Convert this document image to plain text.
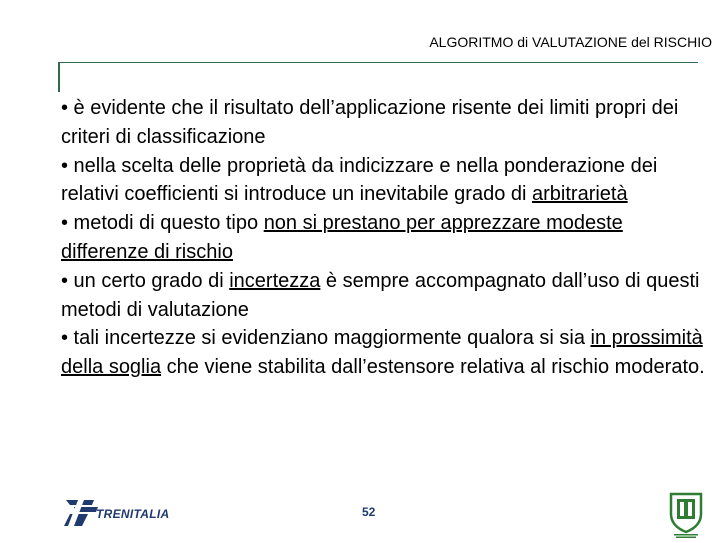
ALGORITMO di VALUTAZIONE del RISCHIO

• è evidente che il risultato dell’applicazione risente dei limiti propri dei criteri di classificazione

• nella scelta delle proprietà da indicizzare e nella ponderazione dei relativi coefficienti si introduce un inevitabile grado di arbitrarietà

• metodi di questo tipo non si prestano per apprezzare modeste differenze di rischio

• un certo grado di incertezza è sempre accompagnato dall’uso di questi metodi di valutazione

• tali incertezze si evidenziano maggiormente qualora si sia in prossimità della soglia che viene stabilita dall’estensore relativa al rischio moderato.

TRENITALIA	52
